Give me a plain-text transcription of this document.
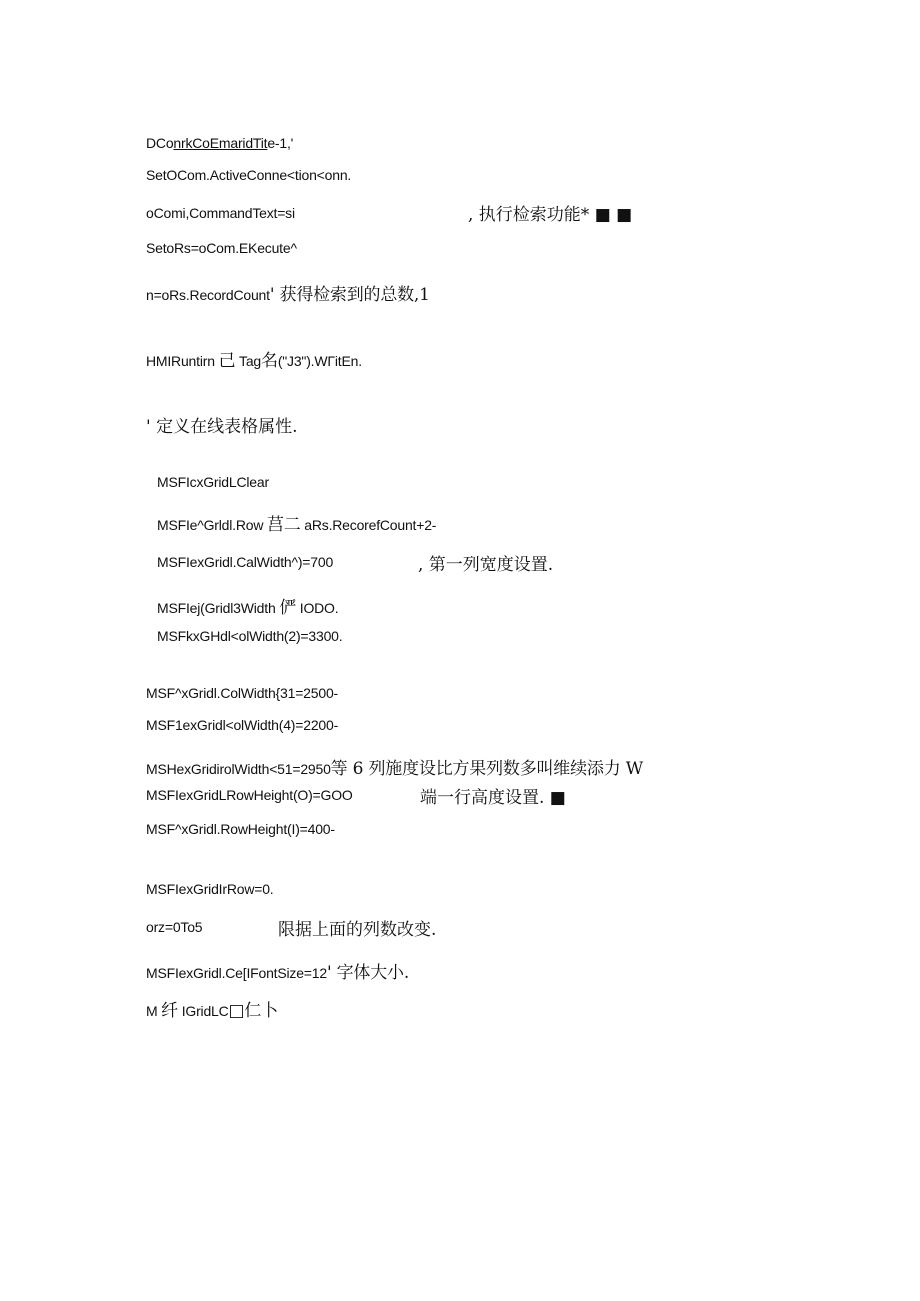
DConrkCoEmaridTite-1,'
SetOCom.ActiveConne<tion<onn.
oComi,CommandText=si	, 执行检索功能* ■ ■
SetoRs=oCom.EKecute^
n=oRs.RecordCount' 获得检索到的总数,1
HMIRuntirn 己 Tag名("J3").WΓitEn.
' 定义在线表格属性.
MSFIcxGridLClear
MSFIe^Grldl.Row 莒二 aRs.RecorefCount+2-
MSFIexGridl.CalWidth^)=700	, 第一列宽度设置.
MSFIej(Gridl3Width 俨 IODO.
MSFkxGHdl<olWidth(2)=3300.
MSF^xGridl.ColWidth{31=2500-
MSF1exGridl<olWidth(4)=2200-
MSHexGridirolWidth<51=2950等 6 列施度设比方果列数多叫维续添力 W
MSFIexGridLRowHeight(O)=GOO	端一行高度设置. ■
MSF^xGridl.RowHeight(I)=400-
MSFIexGridIrRow=0.
orz=0To5	限据上面的列数改变.
MSFIexGridl.Ce[IFontSize=12' 字体大小.
M 纤 IGridLC□仁卜
